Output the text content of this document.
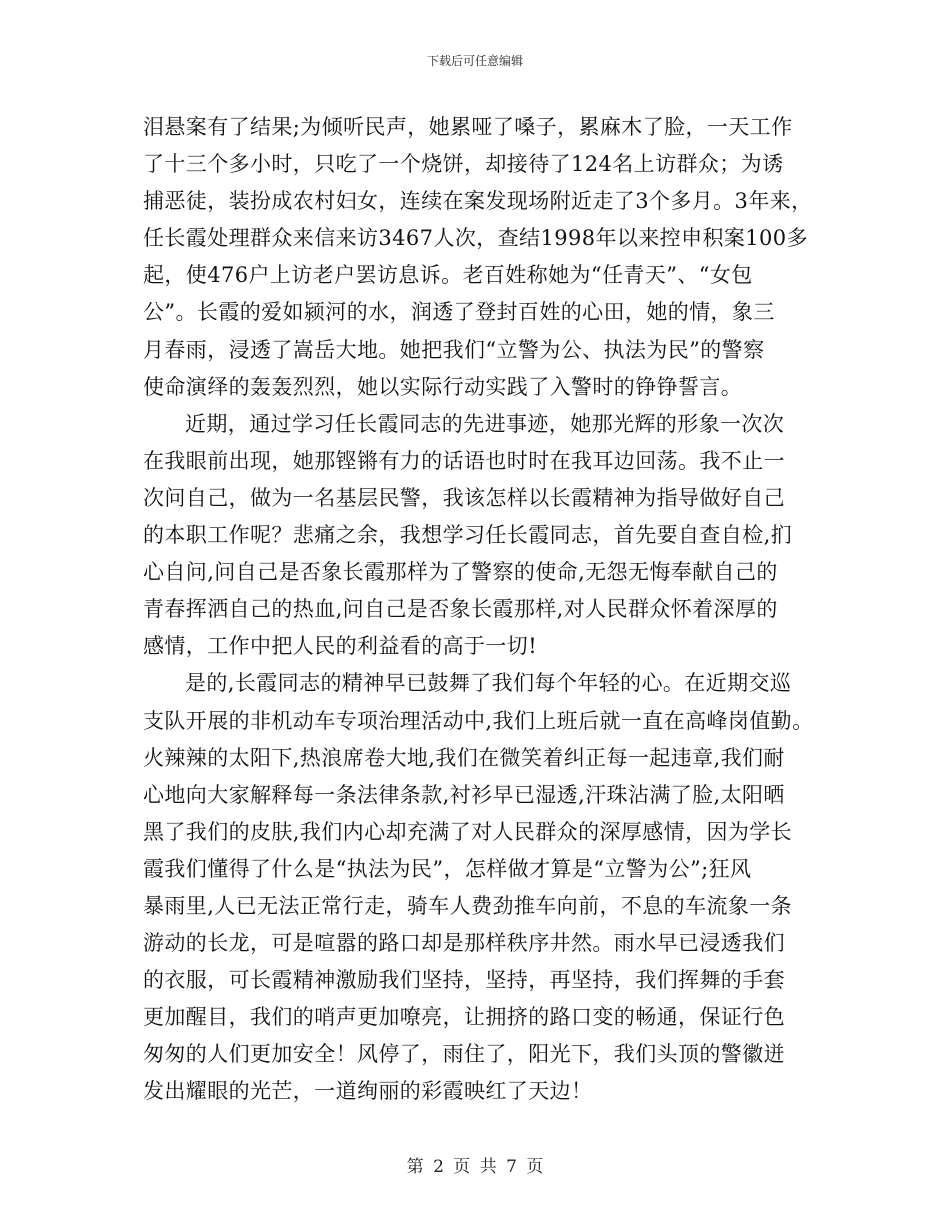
下载后可任意编辑
泪悬案有了结果;为倾听民声，她累哑了嗓子，累麻木了脸，一天工作
了十三个多小时，只吃了一个烧饼，却接待了124名上访群众；为诱
捕恶徒，装扮成农村妇女，连续在案发现场附近走了3个多月。3年来，
任长霞处理群众来信来访3467人次，查结1998年以来控申积案100多
起，使476户上访老户罢访息诉。老百姓称她为“任青天”、“女包
公”。长霞的爱如颍河的水，润透了登封百姓的心田，她的情，象三
月春雨，浸透了嵩岳大地。她把我们“立警为公、执法为民”的警察
使命演绎的轰轰烈烈，她以实际行动实践了入警时的铮铮誓言。
近期，通过学习任长霞同志的先进事迹，她那光辉的形象一次次
在我眼前出现，她那铿锵有力的话语也时时在我耳边回荡。我不止一
次问自己，做为一名基层民警，我该怎样以长霞精神为指导做好自己
的本职工作呢？悲痛之余，我想学习任长霞同志，首先要自查自检,扪
心自问,问自己是否象长霞那样为了警察的使命,无怨无悔奉献自己的
青春挥洒自己的热血,问自己是否象长霞那样,对人民群众怀着深厚的
感情，工作中把人民的利益看的高于一切!
是的,长霞同志的精神早已鼓舞了我们每个年轻的心。在近期交巡
支队开展的非机动车专项治理活动中,我们上班后就一直在高峰岗值勤。
火辣辣的太阳下,热浪席卷大地,我们在微笑着纠正每一起违章,我们耐
心地向大家解释每一条法律条款,衬衫早已湿透,汗珠沾满了脸,太阳晒
黑了我们的皮肤,我们内心却充满了对人民群众的深厚感情，因为学长
霞我们懂得了什么是“执法为民”，怎样做才算是“立警为公”;狂风
暴雨里,人已无法正常行走，骑车人费劲推车向前，不息的车流象一条
游动的长龙，可是喧嚣的路口却是那样秩序井然。雨水早已浸透我们
的衣服，可长霞精神激励我们坚持，坚持，再坚持，我们挥舞的手套
更加醒目，我们的哨声更加嘹亮，让拥挤的路口变的畅通，保证行色
匆匆的人们更加安全！风停了，雨住了，阳光下，我们头顶的警徽迸
发出耀眼的光芒，一道绚丽的彩霞映红了天边！
第 2 页 共 7 页
